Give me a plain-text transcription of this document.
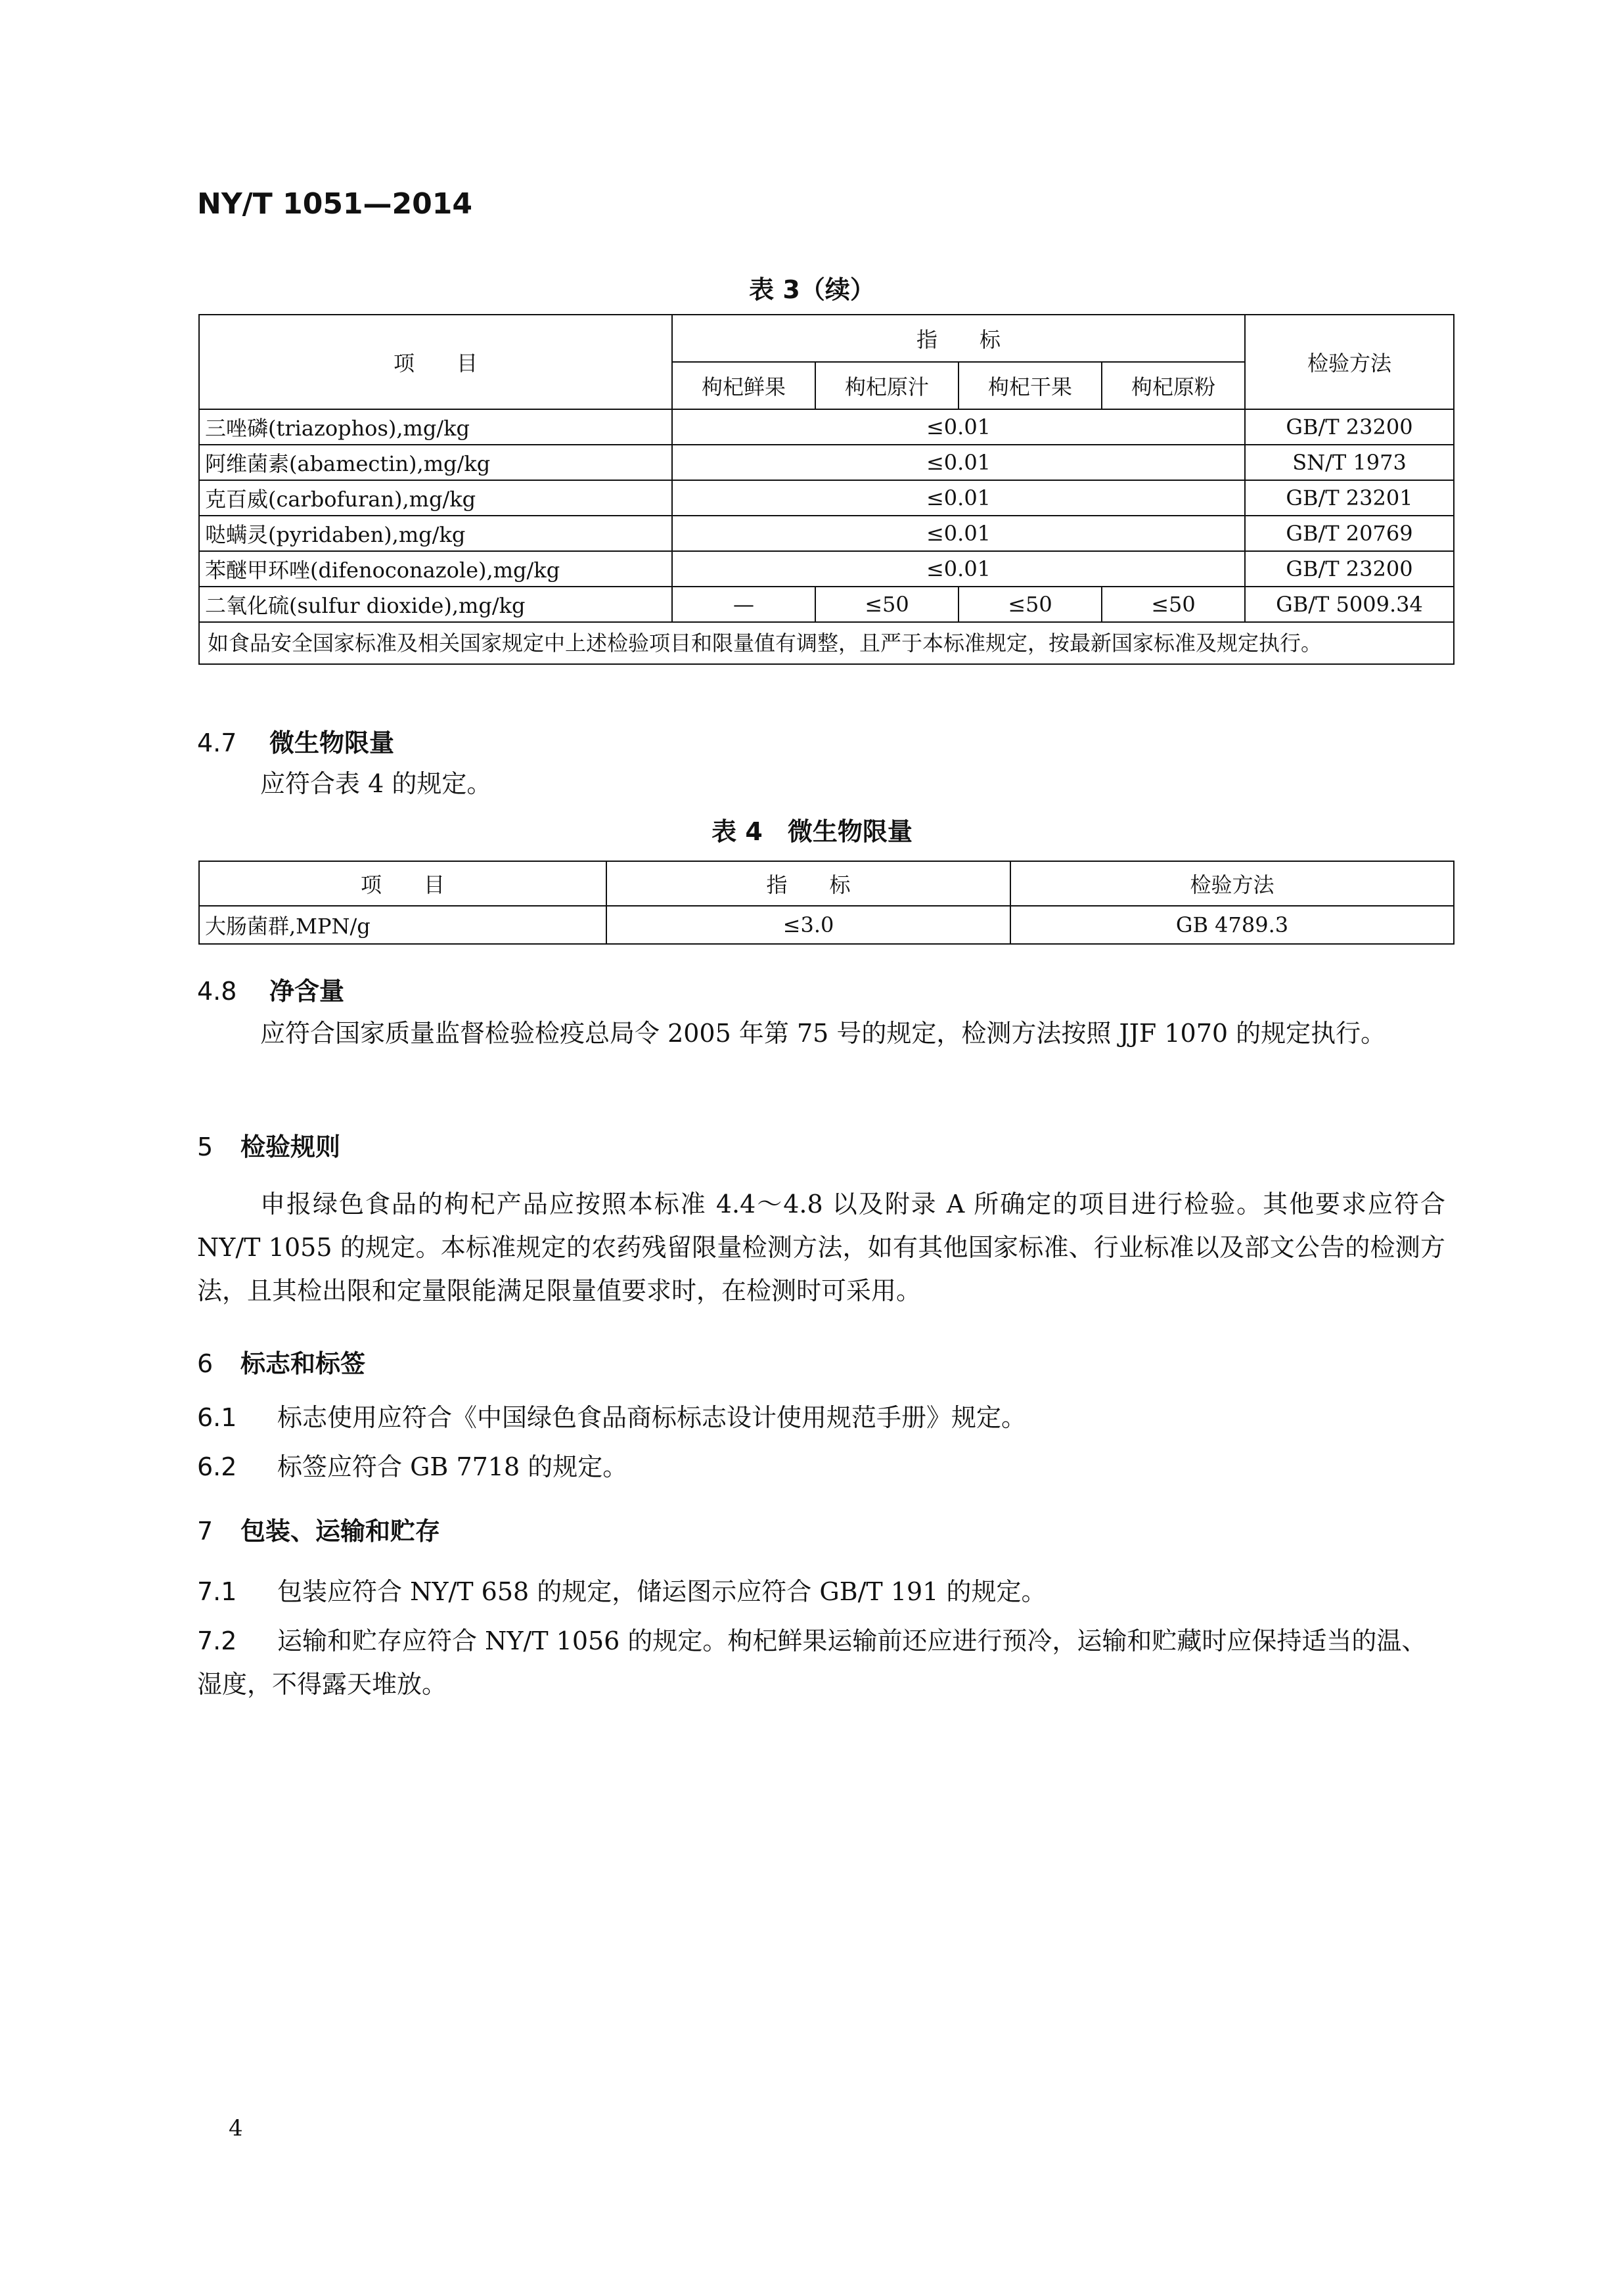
NY/T 1051—2014
表 3（续）
项　　目	指　　标				检验方法
	枸杞鲜果	枸杞原汁	枸杞干果	枸杞原粉	
三唑磷(triazophos),mg/kg	≤0.01				GB/T 23200
阿维菌素(abamectin),mg/kg	≤0.01				SN/T 1973
克百威(carbofuran),mg/kg	≤0.01				GB/T 23201
哒螨灵(pyridaben),mg/kg	≤0.01				GB/T 20769
苯醚甲环唑(difenoconazole),mg/kg	≤0.01				GB/T 23200
二氧化硫(sulfur dioxide),mg/kg	—	≤50	≤50	≤50	GB/T 5009.34
如食品安全国家标准及相关国家规定中上述检验项目和限量值有调整，且严于本标准规定，按最新国家标准及规定执行。					
4.7 微生物限量
应符合表 4 的规定。
表 4　微生物限量
项　　目	指　　标	检验方法
大肠菌群,MPN/g	≤3.0	GB 4789.3
4.8 净含量
应符合国家质量监督检验检疫总局令 2005 年第 75 号的规定，检测方法按照 JJF 1070 的规定执行。
5 检验规则
申报绿色食品的枸杞产品应按照本标准 4.4～4.8 以及附录 A 所确定的项目进行检验。其他要求应符合 NY/T 1055 的规定。本标准规定的农药残留限量检测方法，如有其他国家标准、行业标准以及部文公告的检测方法，且其检出限和定量限能满足限量值要求时，在检测时可采用。
6 标志和标签
6.1 标志使用应符合《中国绿色食品商标标志设计使用规范手册》规定。
6.2 标签应符合 GB 7718 的规定。
7 包装、运输和贮存
7.1 包装应符合 NY/T 658 的规定，储运图示应符合 GB/T 191 的规定。
7.2 运输和贮存应符合 NY/T 1056 的规定。枸杞鲜果运输前还应进行预冷，运输和贮藏时应保持适当的温、湿度，不得露天堆放。
4
